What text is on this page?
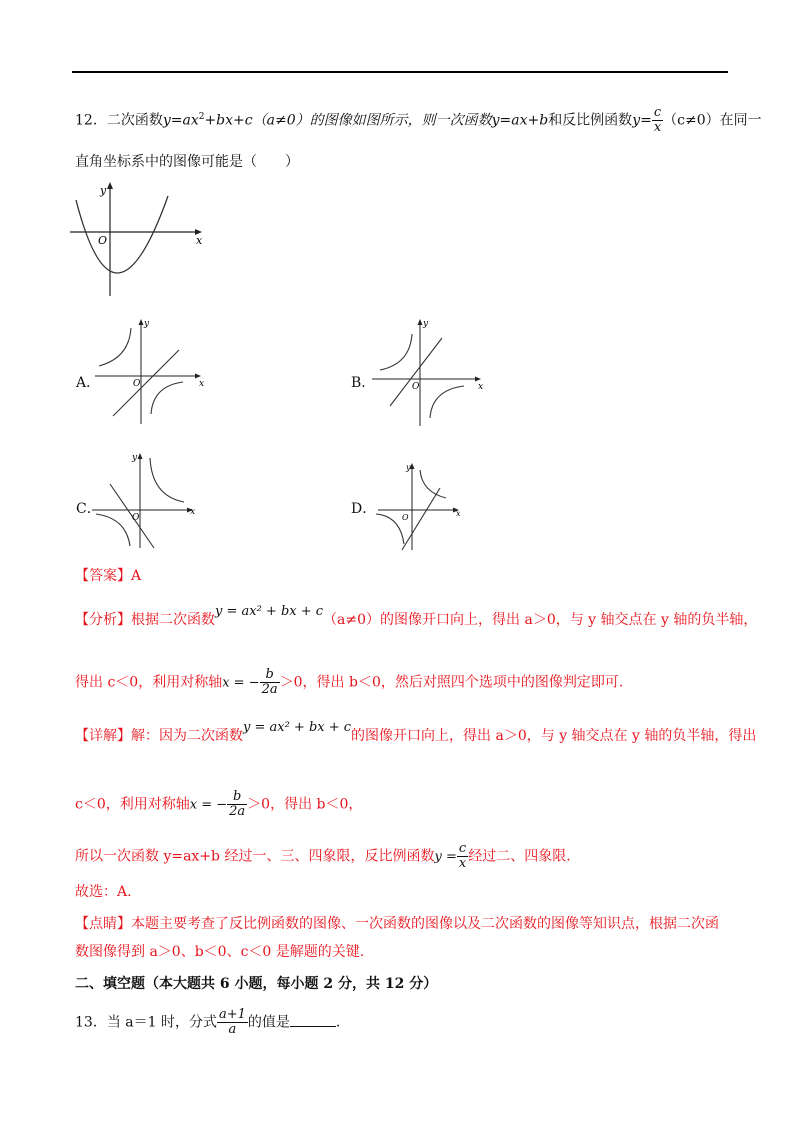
12．二次函数$y=ax^2+bx+c(a\ne 0)$的图像如图所示，则一次函数y=ax+b和反比例函数$y= \frac{c}{x} (c\ne 0)$在同一
直角坐标系中的图像可能是（　　）
y
x
O
A．
y
x
O	B．
y
x
O
C．
y
x
O
D．
y
x
O
【答案】A
【分析】根据二次函数y = ax² + bx + c（a≠0）的图像开口向上，得出 a＞0，与 y 轴交点在 y 轴的负半轴，
得出 c＜0，利用对称轴x = − $\frac{b}{2a} >0$，得出 b＜0，然后对照四个选项中的图像判定即可.
【详解】解：因为二次函数y = ax² + bx + c的图像开口向上，得出 a＞0，与 y 轴交点在 y 轴的负半轴，得出
c＜0，利用对称轴x = − $\frac{b}{2a} >0$，得出 b＜0，
所以一次函数 y=ax+b 经过一、三、四象限，反比例函数$y = \frac{c}{x}$ 经过二、四象限.
故选：A.
【点睛】本题主要考查了反比例函数的图像、一次函数的图像以及二次函数的图像等知识点，根据二次函
数图像得到 a＞0、b＜0、c＜0 是解题的关键.
二、填空题（本大题共 6 小题，每小题 2 分，共 12 分）
13．当 a＝1 时，分式 $\frac{a+1}{a}$ 的值是	.
